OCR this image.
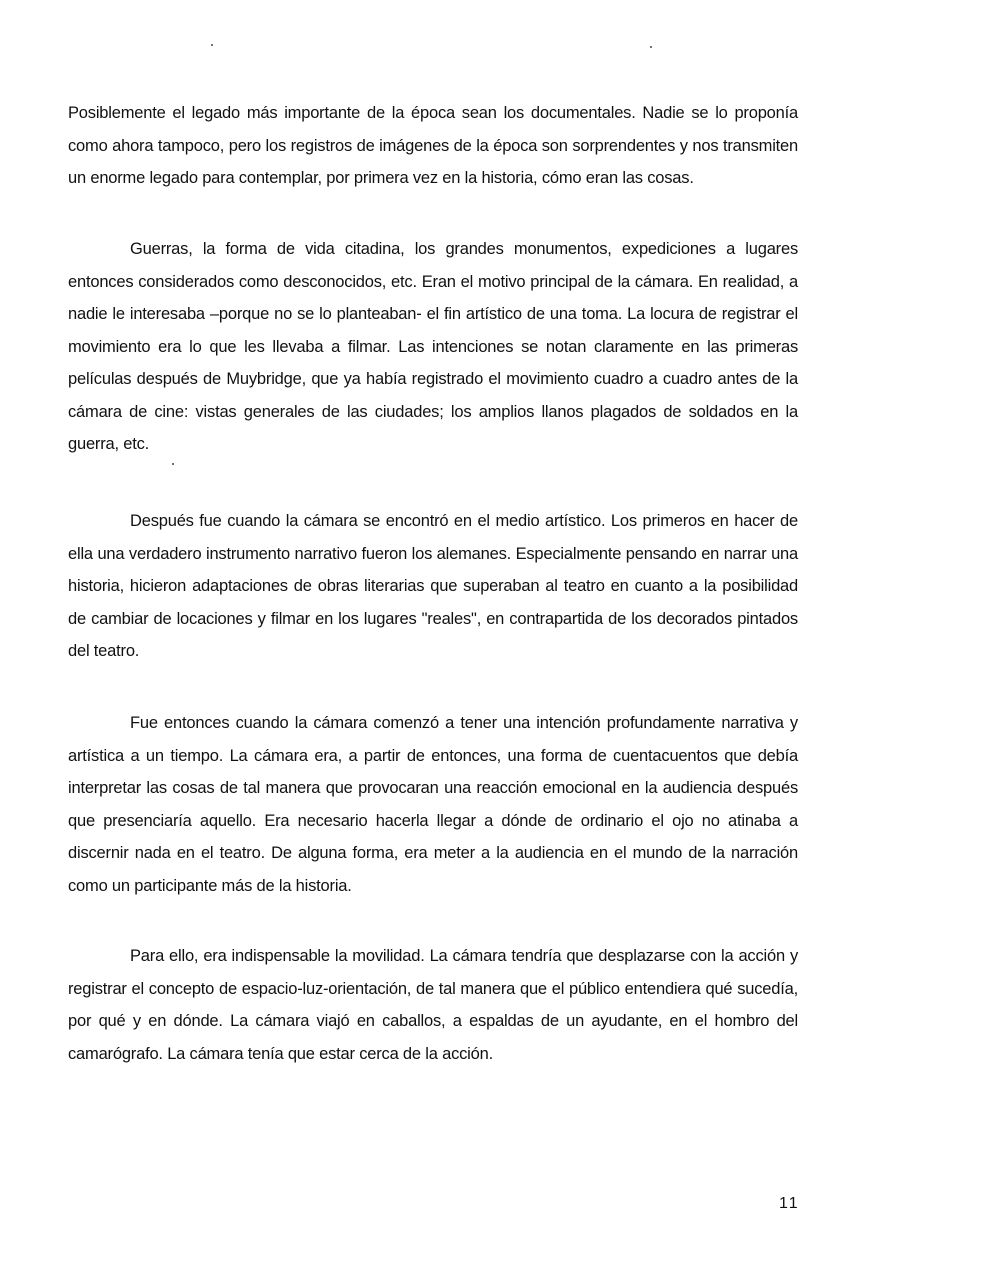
Posiblemente el legado más importante de la época sean los documentales. Nadie se lo proponía como ahora tampoco, pero los registros de imágenes de la época son sorprendentes y nos transmiten un enorme legado para contemplar, por primera vez en la historia, cómo eran las cosas.

Guerras, la forma de vida citadina, los grandes monumentos, expediciones a lugares entonces considerados como desconocidos, etc. Eran el motivo principal de la cámara. En realidad, a nadie le interesaba –porque no se lo planteaban- el fin artístico de una toma. La locura de registrar el movimiento era lo que les llevaba a filmar. Las intenciones se notan claramente en las primeras películas después de Muybridge, que ya había registrado el movimiento cuadro a cuadro antes de la cámara de cine: vistas generales de las ciudades; los amplios llanos plagados de soldados en la guerra, etc.

Después fue cuando la cámara se encontró en el medio artístico. Los primeros en hacer de ella una verdadero instrumento narrativo fueron los alemanes. Especialmente pensando en narrar una historia, hicieron adaptaciones de obras literarias que superaban al teatro en cuanto a la posibilidad de cambiar de locaciones y filmar en los lugares "reales", en contrapartida de los decorados pintados del teatro.

Fue entonces cuando la cámara comenzó a tener una intención profundamente narrativa y artística a un tiempo. La cámara era, a partir de entonces, una forma de cuentacuentos que debía interpretar las cosas de tal manera que provocaran una reacción emocional en la audiencia después que presenciaría aquello. Era necesario hacerla llegar a dónde de ordinario el ojo no atinaba a discernir nada en el teatro. De alguna forma, era meter a la audiencia en el mundo de la narración como un participante más de la historia.

Para ello, era indispensable la movilidad. La cámara tendría que desplazarse con la acción y registrar el concepto de espacio-luz-orientación, de tal manera que el público entendiera qué sucedía, por qué y en dónde. La cámara viajó en caballos, a espaldas de un ayudante, en el hombro del camarógrafo. La cámara tenía que estar cerca de la acción.

11
